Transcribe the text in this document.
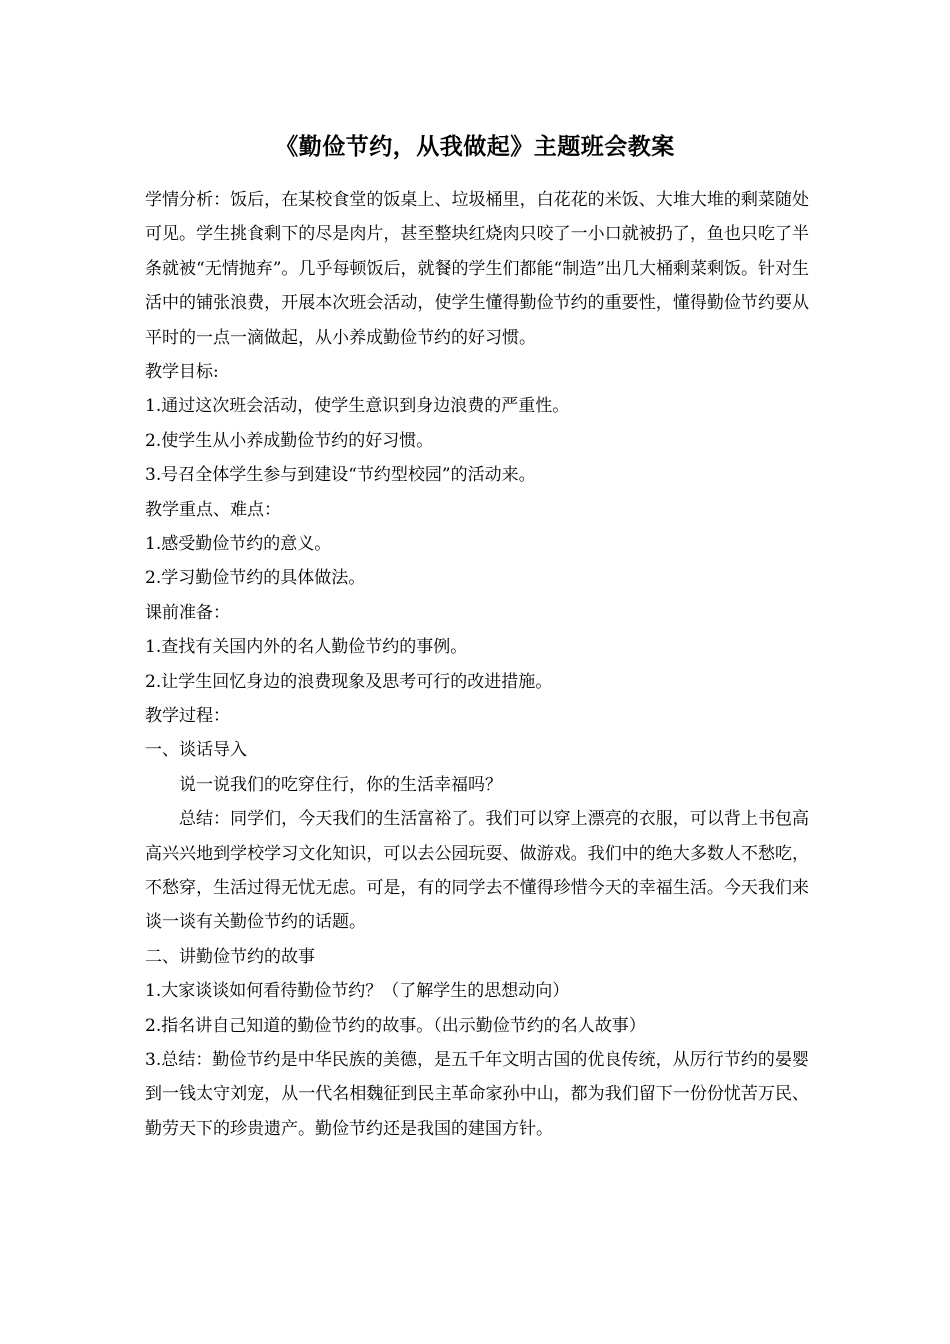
《勤俭节约，从我做起》主题班会教案

学情分析：饭后，在某校食堂的饭桌上、垃圾桶里，白花花的米饭、大堆大堆的剩菜随处可见。学生挑食剩下的尽是肉片，甚至整块红烧肉只咬了一小口就被扔了，鱼也只吃了半条就被“无情抛弃”。几乎每顿饭后，就餐的学生们都能“制造”出几大桶剩菜剩饭。针对生活中的铺张浪费，开展本次班会活动，使学生懂得勤俭节约的重要性，懂得勤俭节约要从平时的一点一滴做起，从小养成勤俭节约的好习惯。

教学目标:

1.通过这次班会活动，使学生意识到身边浪费的严重性。

2.使学生从小养成勤俭节约的好习惯。

3.号召全体学生参与到建设“节约型校园”的活动来。

教学重点、难点：

1.感受勤俭节约的意义。

2.学习勤俭节约的具体做法。

课前准备：

1.查找有关国内外的名人勤俭节约的事例。

2.让学生回忆身边的浪费现象及思考可行的改进措施。

教学过程：

一、谈话导入

说一说我们的吃穿住行，你的生活幸福吗？

总结：同学们，今天我们的生活富裕了。我们可以穿上漂亮的衣服，可以背上书包高高兴兴地到学校学习文化知识，可以去公园玩耍、做游戏。我们中的绝大多数人不愁吃，不愁穿，生活过得无忧无虑。可是，有的同学去不懂得珍惜今天的幸福生活。今天我们来谈一谈有关勤俭节约的话题。

二、讲勤俭节约的故事

1.大家谈谈如何看待勤俭节约？（了解学生的思想动向）

2.指名讲自己知道的勤俭节约的故事。（出示勤俭节约的名人故事）

3.总结：勤俭节约是中华民族的美德，是五千年文明古国的优良传统，从厉行节约的晏婴到一钱太守刘宠，从一代名相魏征到民主革命家孙中山，都为我们留下一份份忧苦万民、勤劳天下的珍贵遗产。勤俭节约还是我国的建国方针。
